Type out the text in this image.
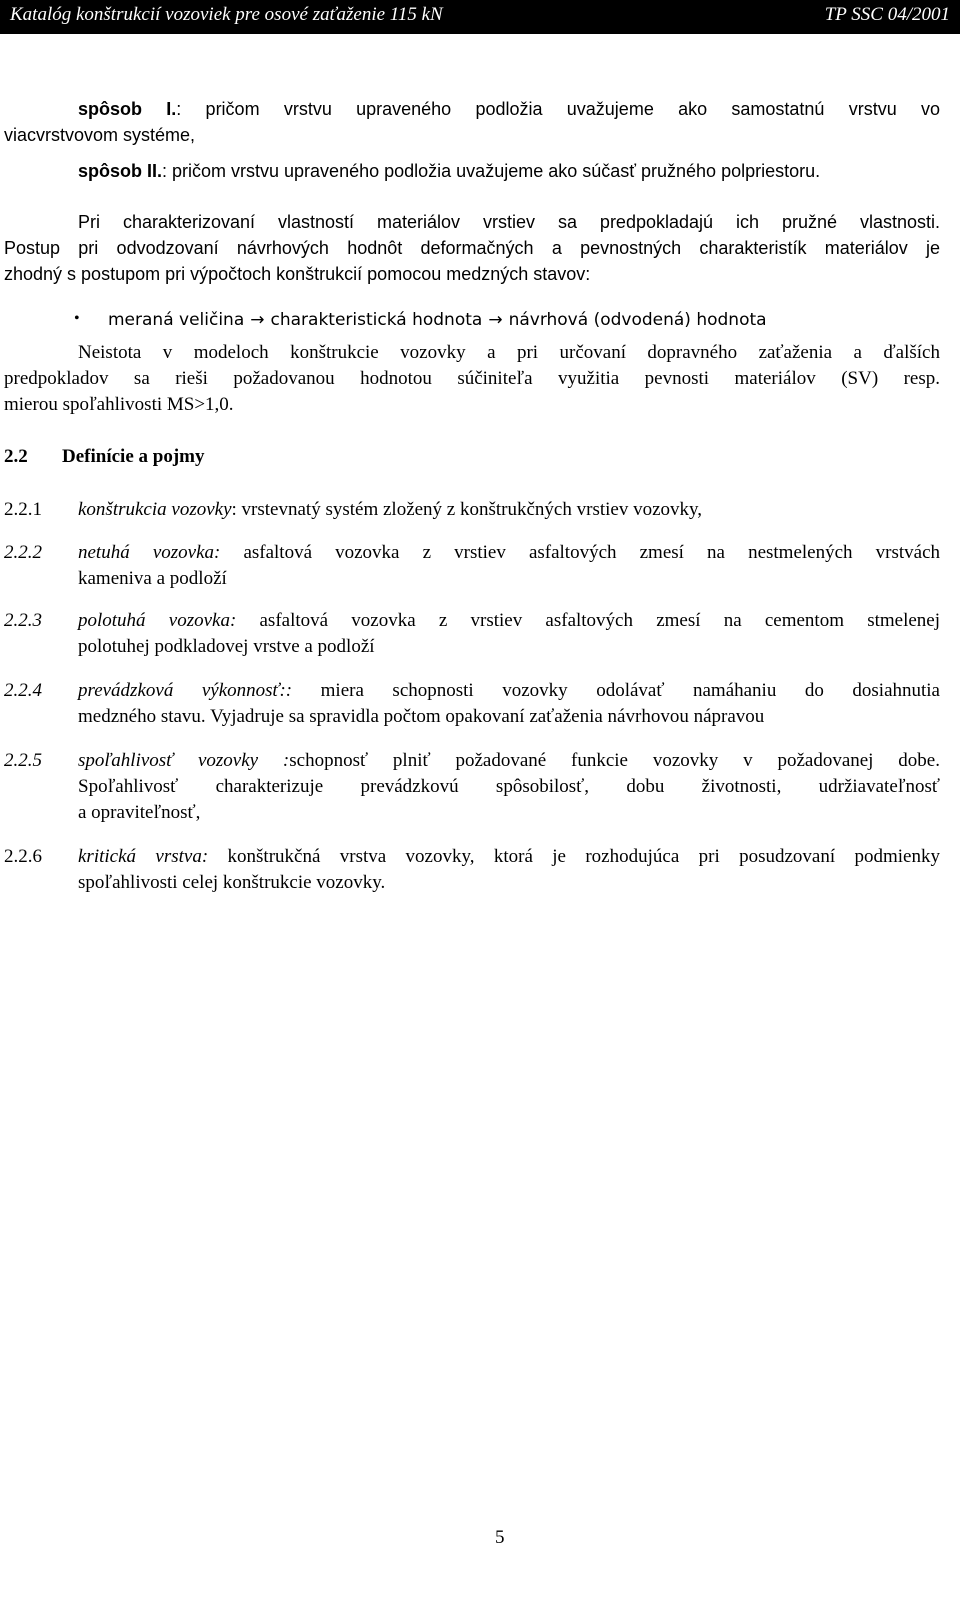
Katalóg konštrukcií vozoviek pre osové zaťaženie 115 kN	TP SSC 04/2001
spôsob I.: pričom vrstvu upraveného podložia uvažujeme ako samostatnú vrstvu vo
viacvrstvovom systéme,
spôsob II.: pričom vrstvu upraveného podložia uvažujeme ako súčasť pružného polpriestoru.
Pri charakterizovaní vlastností materiálov vrstiev sa predpokladajú ich pružné vlastnosti.
Postup pri odvodzovaní návrhových hodnôt deformačných a pevnostných charakteristík materiálov je
zhodný s postupom pri výpočtoch konštrukcií pomocou medzných stavov:
• meraná veličina → charakteristická hodnota → návrhová (odvodená) hodnota
Neistota v modeloch konštrukcie vozovky a pri určovaní dopravného zaťaženia a ďalších
predpokladov sa rieši požadovanou hodnotou súčiniteľa využitia pevnosti materiálov (SV) resp.
mierou spoľahlivosti MS>1,0.
2.2 Definície a pojmy
2.2.1 konštrukcia vozovky: vrstevnatý systém zložený z konštrukčných vrstiev vozovky,
2.2.2 netuhá vozovka: asfaltová vozovka z vrstiev asfaltových zmesí na nestmelených vrstvách
kameniva a podloží
2.2.3 polotuhá vozovka: asfaltová vozovka z vrstiev asfaltových zmesí na cementom stmelenej
polotuhej podkladovej vrstve a podloží
2.2.4 prevádzková výkonnosť:: miera schopnosti vozovky odolávať namáhaniu do dosiahnutia
medzného stavu. Vyjadruje sa spravidla počtom opakovaní zaťaženia návrhovou nápravou
2.2.5 spoľahlivosť vozovky :schopnosť plniť požadované funkcie vozovky v požadovanej dobe.
Spoľahlivosť charakterizuje prevádzkovú spôsobilosť, dobu životnosti, udržiavateľnosť
a opraviteľnosť,
2.2.6 kritická vrstva: konštrukčná vrstva vozovky, ktorá je rozhodujúca pri posudzovaní podmienky
spoľahlivosti celej konštrukcie vozovky.
5
